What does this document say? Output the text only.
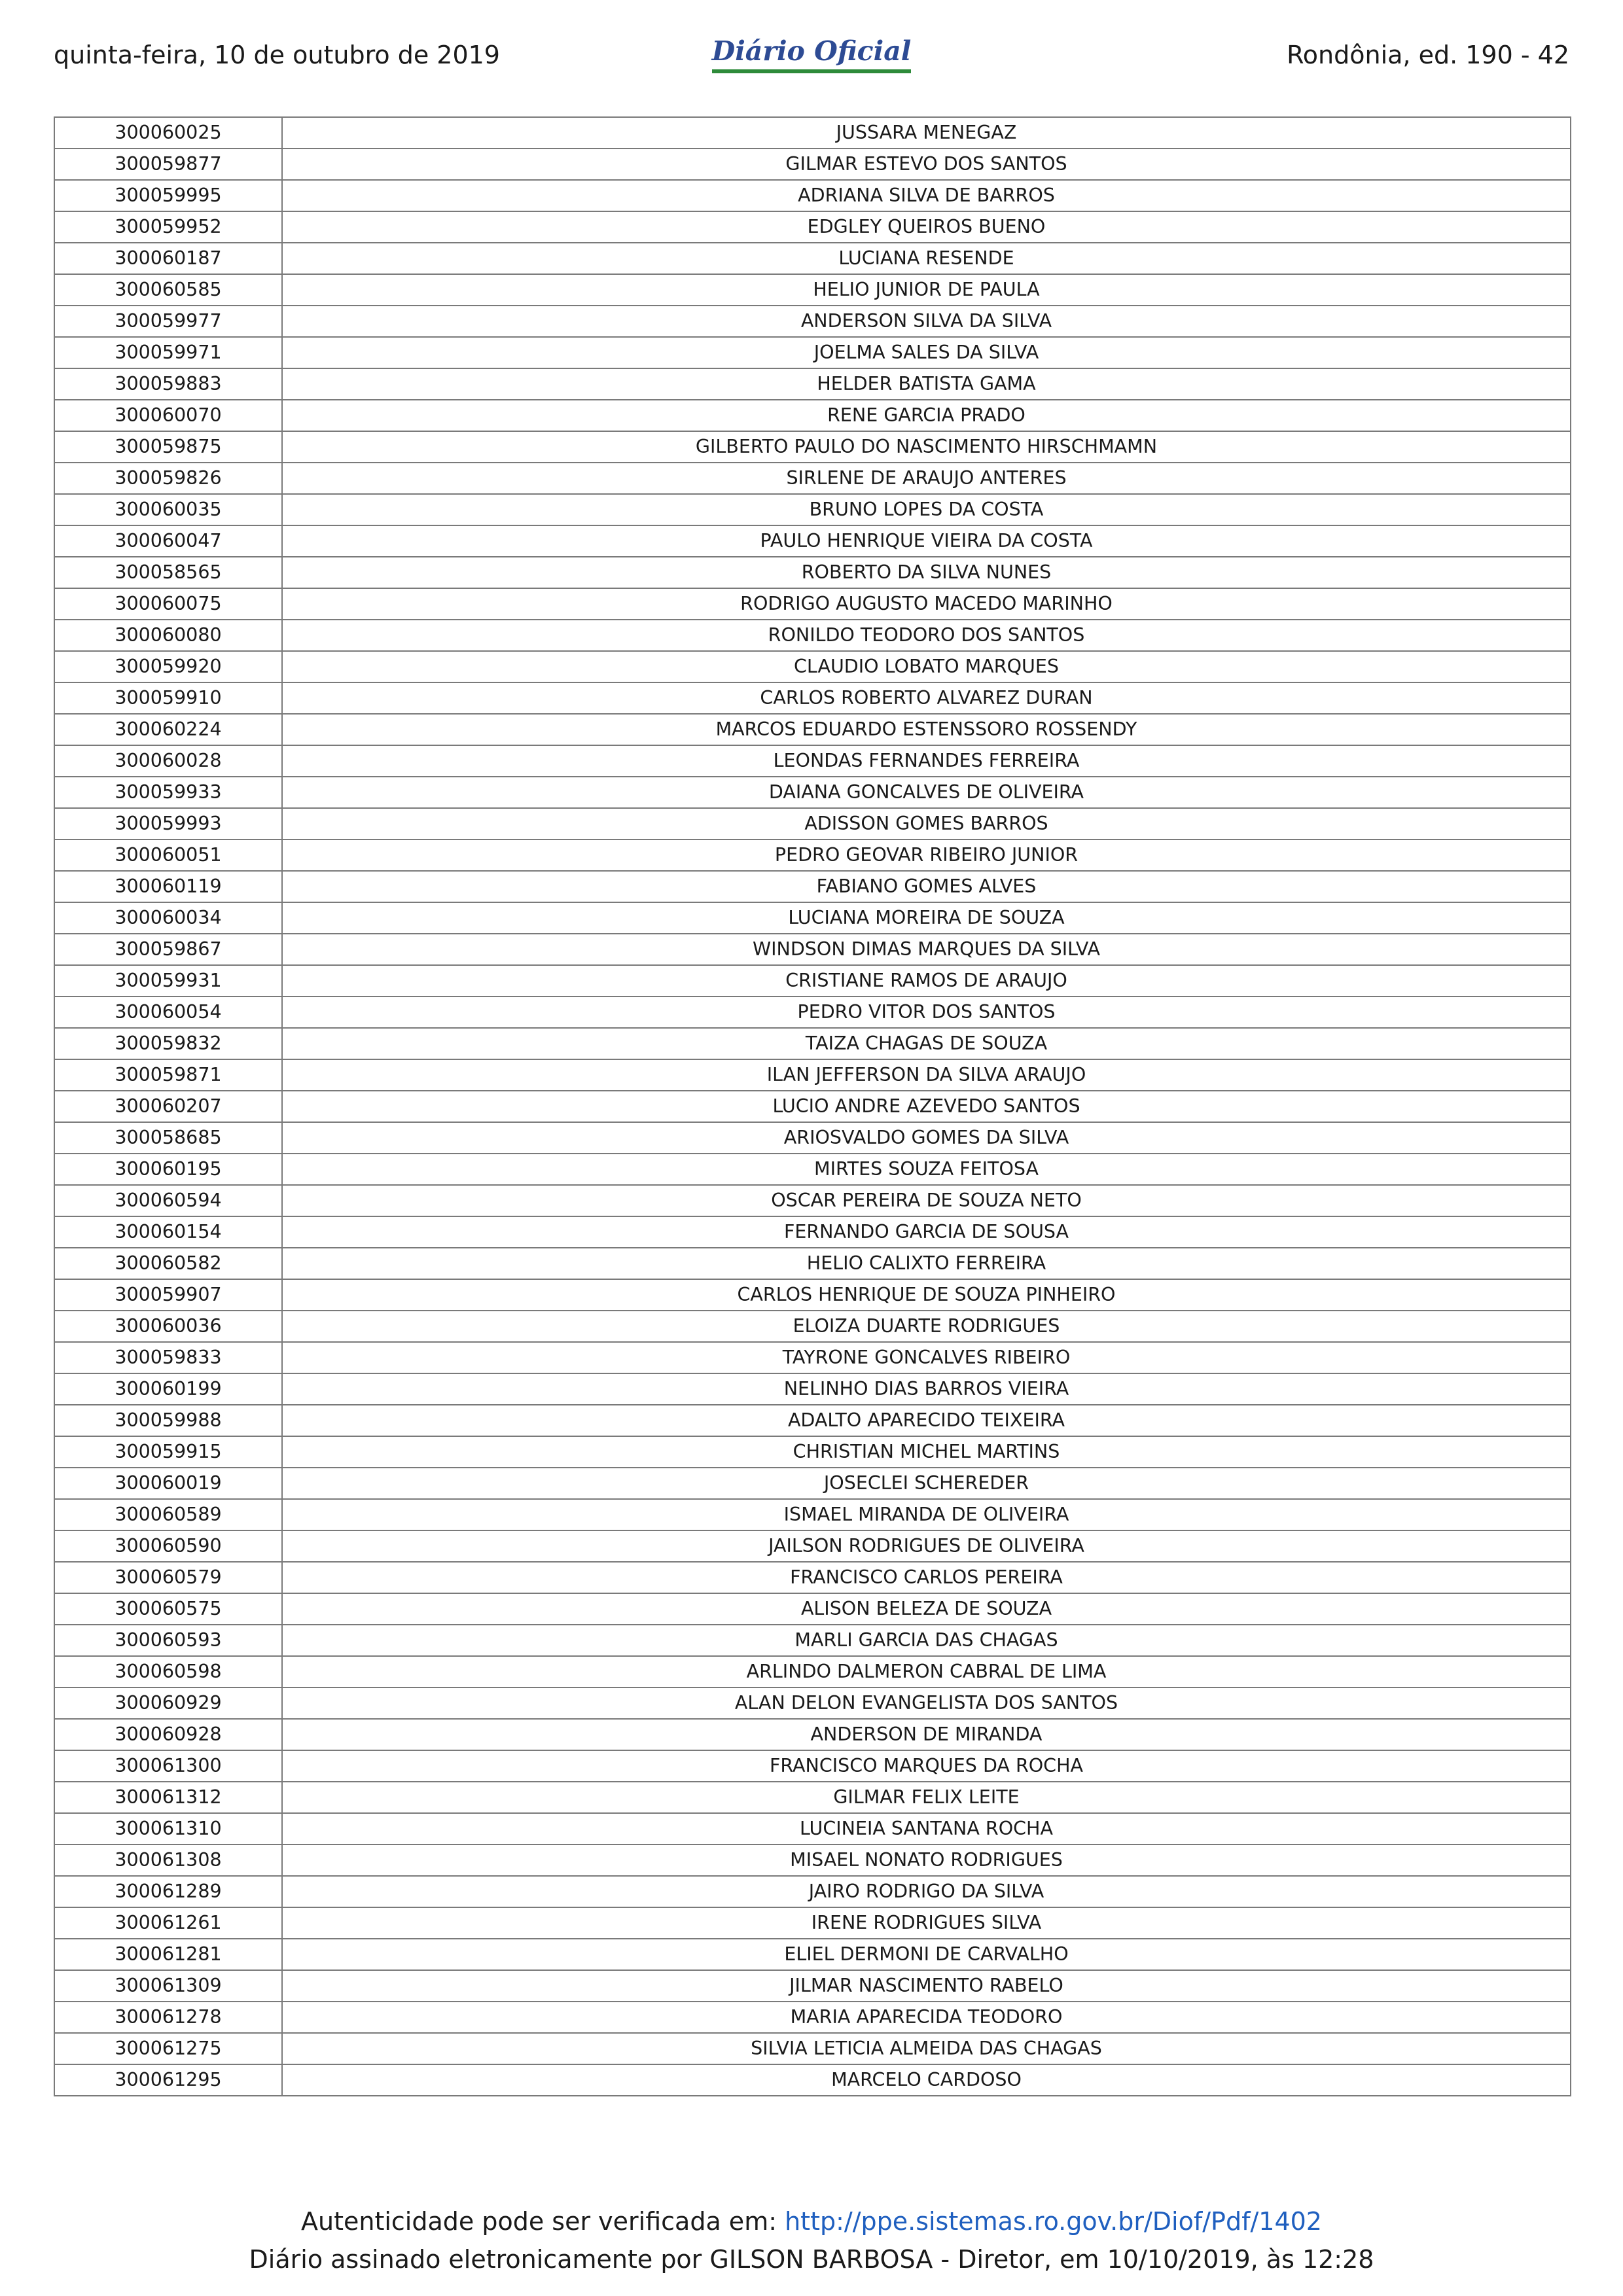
quinta-feira, 10 de outubro de 2019	Diário Oficial	Rondônia, ed. 190 - 42
300060025	JUSSARA MENEGAZ
300059877	GILMAR ESTEVO DOS SANTOS
300059995	ADRIANA SILVA DE BARROS
300059952	EDGLEY QUEIROS BUENO
300060187	LUCIANA RESENDE
300060585	HELIO JUNIOR DE PAULA
300059977	ANDERSON SILVA DA SILVA
300059971	JOELMA SALES DA SILVA
300059883	HELDER BATISTA GAMA
300060070	RENE GARCIA PRADO
300059875	GILBERTO PAULO DO NASCIMENTO HIRSCHMAMN
300059826	SIRLENE DE ARAUJO ANTERES
300060035	BRUNO LOPES DA COSTA
300060047	PAULO HENRIQUE VIEIRA DA COSTA
300058565	ROBERTO DA SILVA NUNES
300060075	RODRIGO AUGUSTO MACEDO MARINHO
300060080	RONILDO TEODORO DOS SANTOS
300059920	CLAUDIO LOBATO MARQUES
300059910	CARLOS ROBERTO ALVAREZ DURAN
300060224	MARCOS EDUARDO ESTENSSORO ROSSENDY
300060028	LEONDAS FERNANDES FERREIRA
300059933	DAIANA GONCALVES DE OLIVEIRA
300059993	ADISSON GOMES BARROS
300060051	PEDRO GEOVAR RIBEIRO JUNIOR
300060119	FABIANO GOMES ALVES
300060034	LUCIANA MOREIRA DE SOUZA
300059867	WINDSON DIMAS MARQUES DA SILVA
300059931	CRISTIANE RAMOS DE ARAUJO
300060054	PEDRO VITOR DOS SANTOS
300059832	TAIZA CHAGAS DE SOUZA
300059871	ILAN JEFFERSON DA SILVA ARAUJO
300060207	LUCIO ANDRE AZEVEDO SANTOS
300058685	ARIOSVALDO GOMES DA SILVA
300060195	MIRTES SOUZA FEITOSA
300060594	OSCAR PEREIRA DE SOUZA NETO
300060154	FERNANDO GARCIA DE SOUSA
300060582	HELIO CALIXTO FERREIRA
300059907	CARLOS HENRIQUE DE SOUZA PINHEIRO
300060036	ELOIZA DUARTE RODRIGUES
300059833	TAYRONE GONCALVES RIBEIRO
300060199	NELINHO DIAS BARROS VIEIRA
300059988	ADALTO APARECIDO TEIXEIRA
300059915	CHRISTIAN MICHEL MARTINS
300060019	JOSECLEI SCHEREDER
300060589	ISMAEL MIRANDA DE OLIVEIRA
300060590	JAILSON RODRIGUES DE OLIVEIRA
300060579	FRANCISCO CARLOS PEREIRA
300060575	ALISON BELEZA DE SOUZA
300060593	MARLI GARCIA DAS CHAGAS
300060598	ARLINDO DALMERON CABRAL DE LIMA
300060929	ALAN DELON EVANGELISTA DOS SANTOS
300060928	ANDERSON DE MIRANDA
300061300	FRANCISCO MARQUES DA ROCHA
300061312	GILMAR FELIX LEITE
300061310	LUCINEIA SANTANA ROCHA
300061308	MISAEL NONATO RODRIGUES
300061289	JAIRO RODRIGO DA SILVA
300061261	IRENE RODRIGUES SILVA
300061281	ELIEL DERMONI DE CARVALHO
300061309	JILMAR NASCIMENTO RABELO
300061278	MARIA APARECIDA TEODORO
300061275	SILVIA LETICIA ALMEIDA DAS CHAGAS
300061295	MARCELO CARDOSO
Autenticidade pode ser verificada em: http://ppe.sistemas.ro.gov.br/Diof/Pdf/1402
Diário assinado eletronicamente por GILSON BARBOSA - Diretor, em 10/10/2019, às 12:28
